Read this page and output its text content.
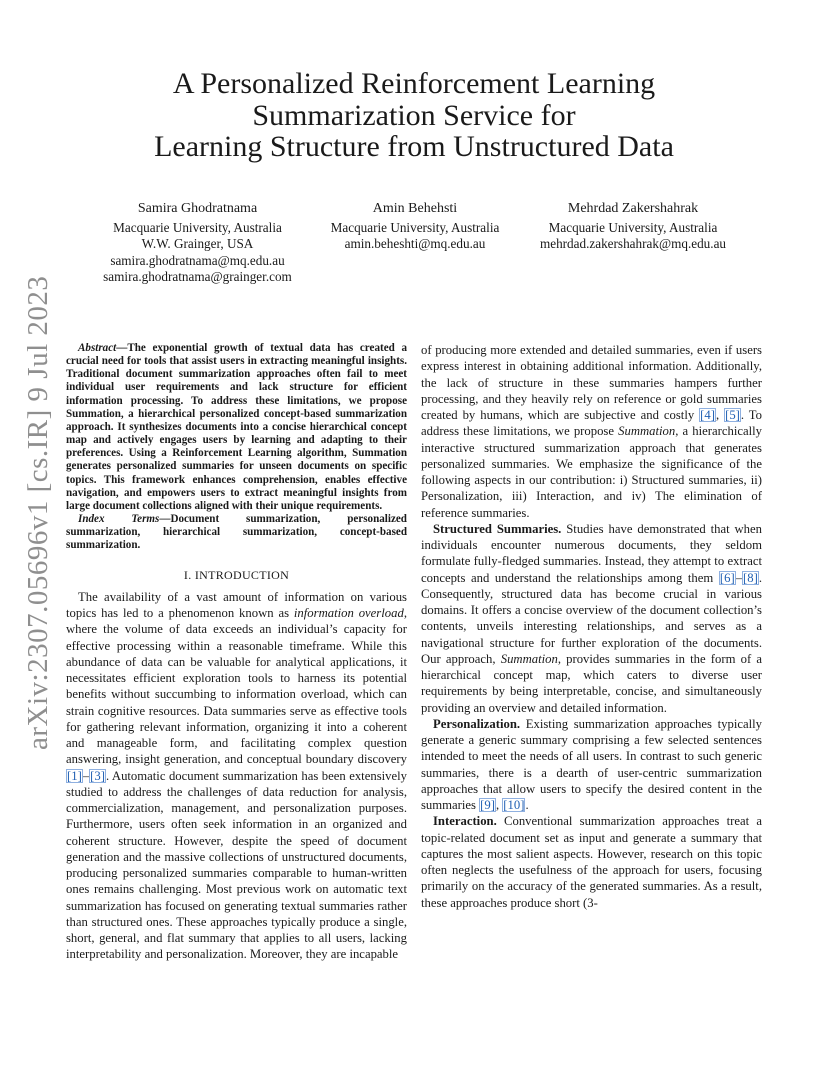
A Personalized Reinforcement Learning
Summarization Service for
Learning Structure from Unstructured Data
Samira Ghodratnama
Macquarie University, Australia
W.W. Grainger, USA
samira.ghodratnama@mq.edu.au
samira.ghodratnama@grainger.com
Amin Behehsti
Macquarie University, Australia
amin.beheshti@mq.edu.au
Mehrdad Zakershahrak
Macquarie University, Australia
mehrdad.zakershahrak@mq.edu.au
arXiv:2307.05696v1 [cs.IR] 9 Jul 2023	Abstract—The exponential growth of textual data has created a crucial need for tools that assist users in extracting meaningful insights. Traditional document summarization approaches often fail to meet individual user requirements and lack structure for efficient information processing. To address these limitations, we propose Summation, a hierarchical personalized concept-based summarization approach. It synthesizes documents into a concise hierarchical concept map and actively engages users by learning and adapting to their preferences. Using a Reinforcement Learning algorithm, Summation generates personalized summaries for unseen documents on specific topics. This framework enhances comprehension, enables effective navigation, and empowers users to extract meaningful insights from large document collections aligned with their unique requirements.

Index Terms—Document summarization, personalized summarization, hierarchical summarization, concept-based summarization.

I. INTRODUCTION

The availability of a vast amount of information on various topics has led to a phenomenon known as information overload, where the volume of data exceeds an individual’s capacity for effective processing within a reasonable timeframe. While this abundance of data can be valuable for analytical applications, it necessitates efficient exploration tools to harness its potential benefits without succumbing to information overload, which can strain cognitive resources. Data summaries serve as effective tools for gathering relevant information, organizing it into a coherent and manageable form, and facilitating complex question answering, insight generation, and conceptual boundary discovery [1]–[3]. Automatic document summarization has been extensively studied to address the challenges of data reduction for analysis, commercialization, management, and personalization purposes. Furthermore, users often seek information in an organized and coherent structure. However, despite the speed of document generation and the massive collections of unstructured documents, producing personalized summaries comparable to human-written ones remains challenging. Most previous work on automatic text summarization has focused on generating textual summaries rather than structured ones. These approaches typically produce a single, short, general, and flat summary that applies to all users, lacking interpretability and personalization. Moreover, they are incapable

of producing more extended and detailed summaries, even if users express interest in obtaining additional information. Additionally, the lack of structure in these summaries hampers further processing, and they heavily rely on reference or gold summaries created by humans, which are subjective and costly [4], [5]. To address these limitations, we propose Summation, a hierarchically interactive structured summarization approach that generates personalized summaries. We emphasize the significance of the following aspects in our contribution: i) Structured summaries, ii) Personalization, iii) Interaction, and iv) The elimination of reference summaries.

Structured Summaries. Studies have demonstrated that when individuals encounter numerous documents, they seldom formulate fully-fledged summaries. Instead, they attempt to extract concepts and understand the relationships among them [6]–[8]. Consequently, structured data has become crucial in various domains. It offers a concise overview of the document collection’s contents, unveils interesting relationships, and serves as a navigational structure for further exploration of the documents. Our approach, Summation, provides summaries in the form of a hierarchical concept map, which caters to diverse user requirements by being interpretable, concise, and simultaneously providing an overview and detailed information.

Personalization. Existing summarization approaches typically generate a generic summary comprising a few selected sentences intended to meet the needs of all users. In contrast to such generic summaries, there is a dearth of user-centric summarization approaches that allow users to specify the desired content in the summaries [9], [10].

Interaction. Conventional summarization approaches treat a topic-related document set as input and generate a summary that captures the most salient aspects. However, research on this topic often neglects the usefulness of the approach for users, focusing primarily on the accuracy of the generated summaries. As a result, these approaches produce short (3-
